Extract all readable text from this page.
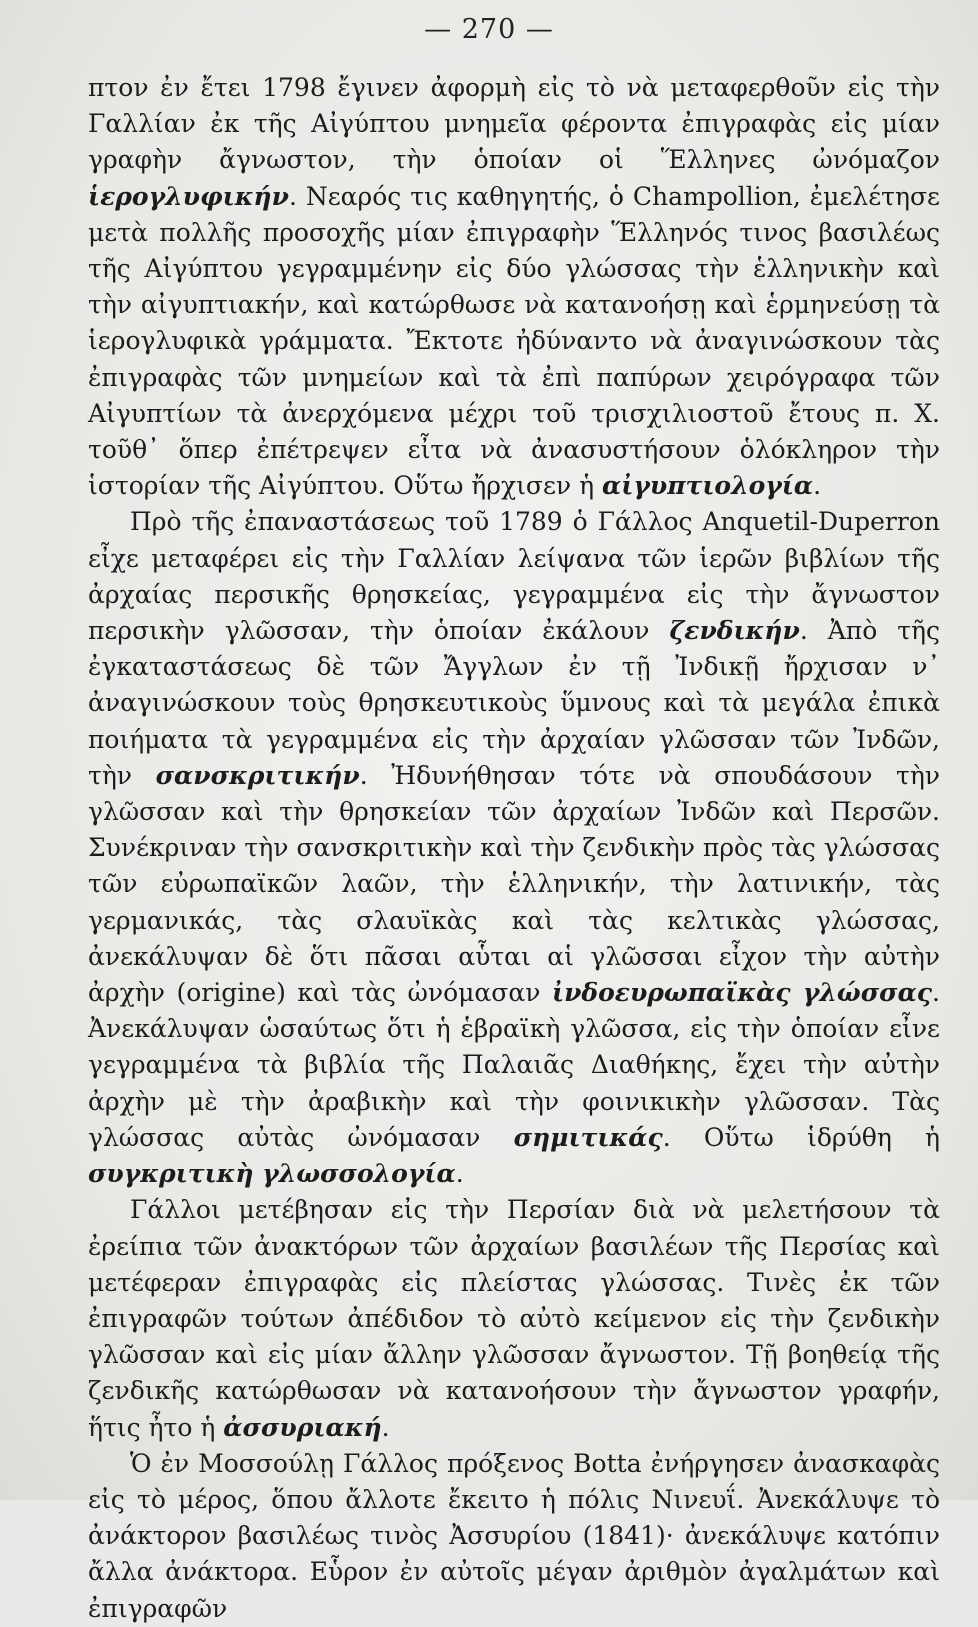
— 270 —

πτον ἐν ἔτει 1798 ἔγινεν ἀφορμὴ εἰς τὸ νὰ μεταφερθοῦν εἰς τὴν Γαλλίαν ἐκ τῆς Αἰγύπτου μνημεῖα φέροντα ἐπιγραφὰς εἰς μίαν γραφὴν ἄγνωστον, τὴν ὁποίαν οἱ Ἕλληνες ὠνόμαζον ἱερογλυφικήν. Νεαρός τις καθηγητής, ὁ Champollion, ἐμελέτησε μετὰ πολλῆς προσοχῆς μίαν ἐπιγραφὴν Ἕλληνός τινος βασιλέως τῆς Αἰγύπτου γεγραμμένην εἰς δύο γλώσσας τὴν ἑλληνικὴν καὶ τὴν αἰγυπτιακήν, καὶ κατώρθωσε νὰ κατανοήσῃ καὶ ἑρμηνεύσῃ τὰ ἱερογλυφικὰ γράμματα. Ἔκτοτε ἠδύναντο νὰ ἀναγινώσκουν τὰς ἐπιγραφὰς τῶν μνημείων καὶ τὰ ἐπὶ παπύρων χειρόγραφα τῶν Αἰγυπτίων τὰ ἀνερχόμενα μέχρι τοῦ τρισχιλιοστοῦ ἔτους π. Χ. τοῦθ᾽ ὅπερ ἐπέτρεψεν εἶτα νὰ ἀνασυστήσουν ὁλόκληρον τὴν ἱστορίαν τῆς Αἰγύπτου. Οὕτω ἤρχισεν ἡ αἰγυπτιολογία.

Πρὸ τῆς ἐπαναστάσεως τοῦ 1789 ὁ Γάλλος Anquetil-Duperron εἶχε μεταφέρει εἰς τὴν Γαλλίαν λείψανα τῶν ἱερῶν βιβλίων τῆς ἀρχαίας περσικῆς θρησκείας, γεγραμμένα εἰς τὴν ἄγνωστον περσικὴν γλῶσσαν, τὴν ὁποίαν ἐκάλουν ζενδικήν. Ἀπὸ τῆς ἐγκαταστάσεως δὲ τῶν Ἄγγλων ἐν τῇ Ἰνδικῇ ἤρχισαν ν᾽ ἀναγινώσκουν τοὺς θρησκευτικοὺς ὕμνους καὶ τὰ μεγάλα ἐπικὰ ποιήματα τὰ γεγραμμένα εἰς τὴν ἀρχαίαν γλῶσσαν τῶν Ἰνδῶν, τὴν σανσκριτικήν. Ἠδυνήθησαν τότε νὰ σπουδάσουν τὴν γλῶσσαν καὶ τὴν θρησκείαν τῶν ἀρχαίων Ἰνδῶν καὶ Περσῶν. Συνέκριναν τὴν σανσκριτικὴν καὶ τὴν ζενδικὴν πρὸς τὰς γλώσσας τῶν εὐρωπαϊκῶν λαῶν, τὴν ἑλληνικήν, τὴν λατινικήν, τὰς γερμανικάς, τὰς σλαυϊκὰς καὶ τὰς κελτικὰς γλώσσας, ἀνεκάλυψαν δὲ ὅτι πᾶσαι αὗται αἱ γλῶσσαι εἶχον τὴν αὐτὴν ἀρχὴν (origine) καὶ τὰς ὠνόμασαν ἰνδοευρωπαϊκὰς γλώσσας. Ἀνεκάλυψαν ὡσαύτως ὅτι ἡ ἑβραϊκὴ γλῶσσα, εἰς τὴν ὁποίαν εἶνε γεγραμμένα τὰ βιβλία τῆς Παλαιᾶς Διαθήκης, ἔχει τὴν αὐτὴν ἀρχὴν μὲ τὴν ἀραβικὴν καὶ τὴν φοινικικὴν γλῶσσαν. Τὰς γλώσσας αὐτὰς ὠνόμασαν σημιτικάς. Οὕτω ἱδρύθη ἡ συγκριτικὴ γλωσσολογία.

Γάλλοι μετέβησαν εἰς τὴν Περσίαν διὰ νὰ μελετήσουν τὰ ἐρείπια τῶν ἀνακτόρων τῶν ἀρχαίων βασιλέων τῆς Περσίας καὶ μετέφεραν ἐπιγραφὰς εἰς πλείστας γλώσσας. Τινὲς ἐκ τῶν ἐπιγραφῶν τούτων ἀπέδιδον τὸ αὐτὸ κείμενον εἰς τὴν ζενδικὴν γλῶσσαν καὶ εἰς μίαν ἄλλην γλῶσσαν ἄγνωστον. Τῇ βοηθείᾳ τῆς ζενδικῆς κατώρθωσαν νὰ κατανοήσουν τὴν ἄγνωστον γραφήν, ἥτις ἦτο ἡ ἀσσυριακή.

Ὁ ἐν Μοσσούλῃ Γάλλος πρόξενος Botta ἐνήργησεν ἀνασκαφὰς εἰς τὸ μέρος, ὅπου ἄλλοτε ἔκειτο ἡ πόλις Νινευΐ. Ἀνεκάλυψε τὸ ἀνάκτορον βασιλέως τινὸς Ἀσσυρίου (1841)· ἀνεκάλυψε κατόπιν ἄλλα ἀνάκτορα. Εὗρον ἐν αὐτοῖς μέγαν ἀριθμὸν ἀγαλμάτων καὶ ἐπιγραφῶν
